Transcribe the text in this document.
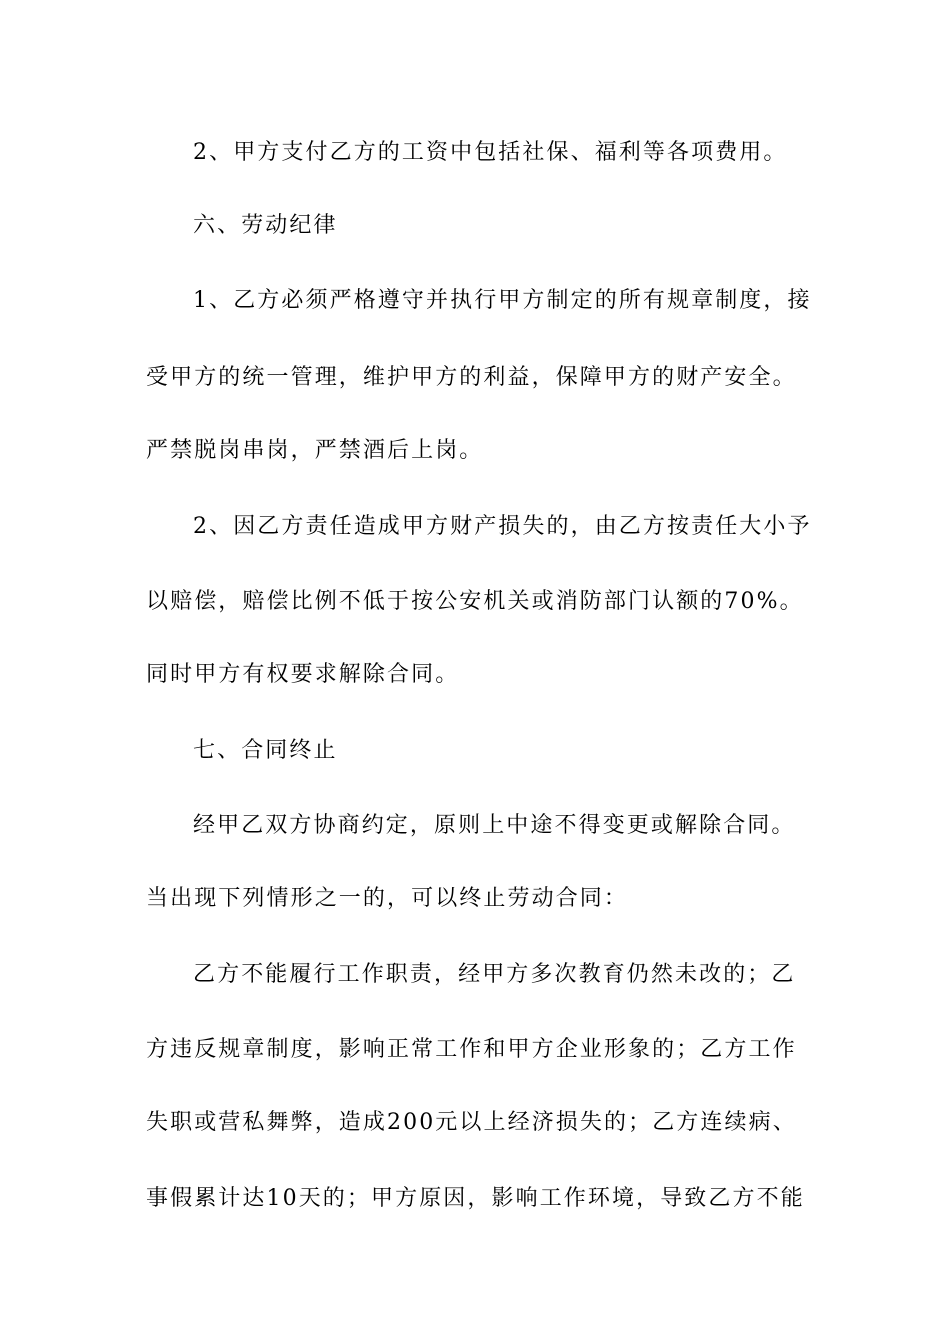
2、甲方支付乙方的工资中包括社保、福利等各项费用。
六、劳动纪律
1、乙方必须严格遵守并执行甲方制定的所有规章制度，接
受甲方的统一管理，维护甲方的利益，保障甲方的财产安全。
严禁脱岗串岗，严禁酒后上岗。
2、因乙方责任造成甲方财产损失的，由乙方按责任大小予
以赔偿，赔偿比例不低于按公安机关或消防部门认额的70%。
同时甲方有权要求解除合同。
七、合同终止
经甲乙双方协商约定，原则上中途不得变更或解除合同。
当出现下列情形之一的，可以终止劳动合同：
乙方不能履行工作职责，经甲方多次教育仍然未改的；乙
方违反规章制度，影响正常工作和甲方企业形象的；乙方工作
失职或营私舞弊，造成200元以上经济损失的；乙方连续病、
事假累计达10天的；甲方原因，影响工作环境，导致乙方不能
